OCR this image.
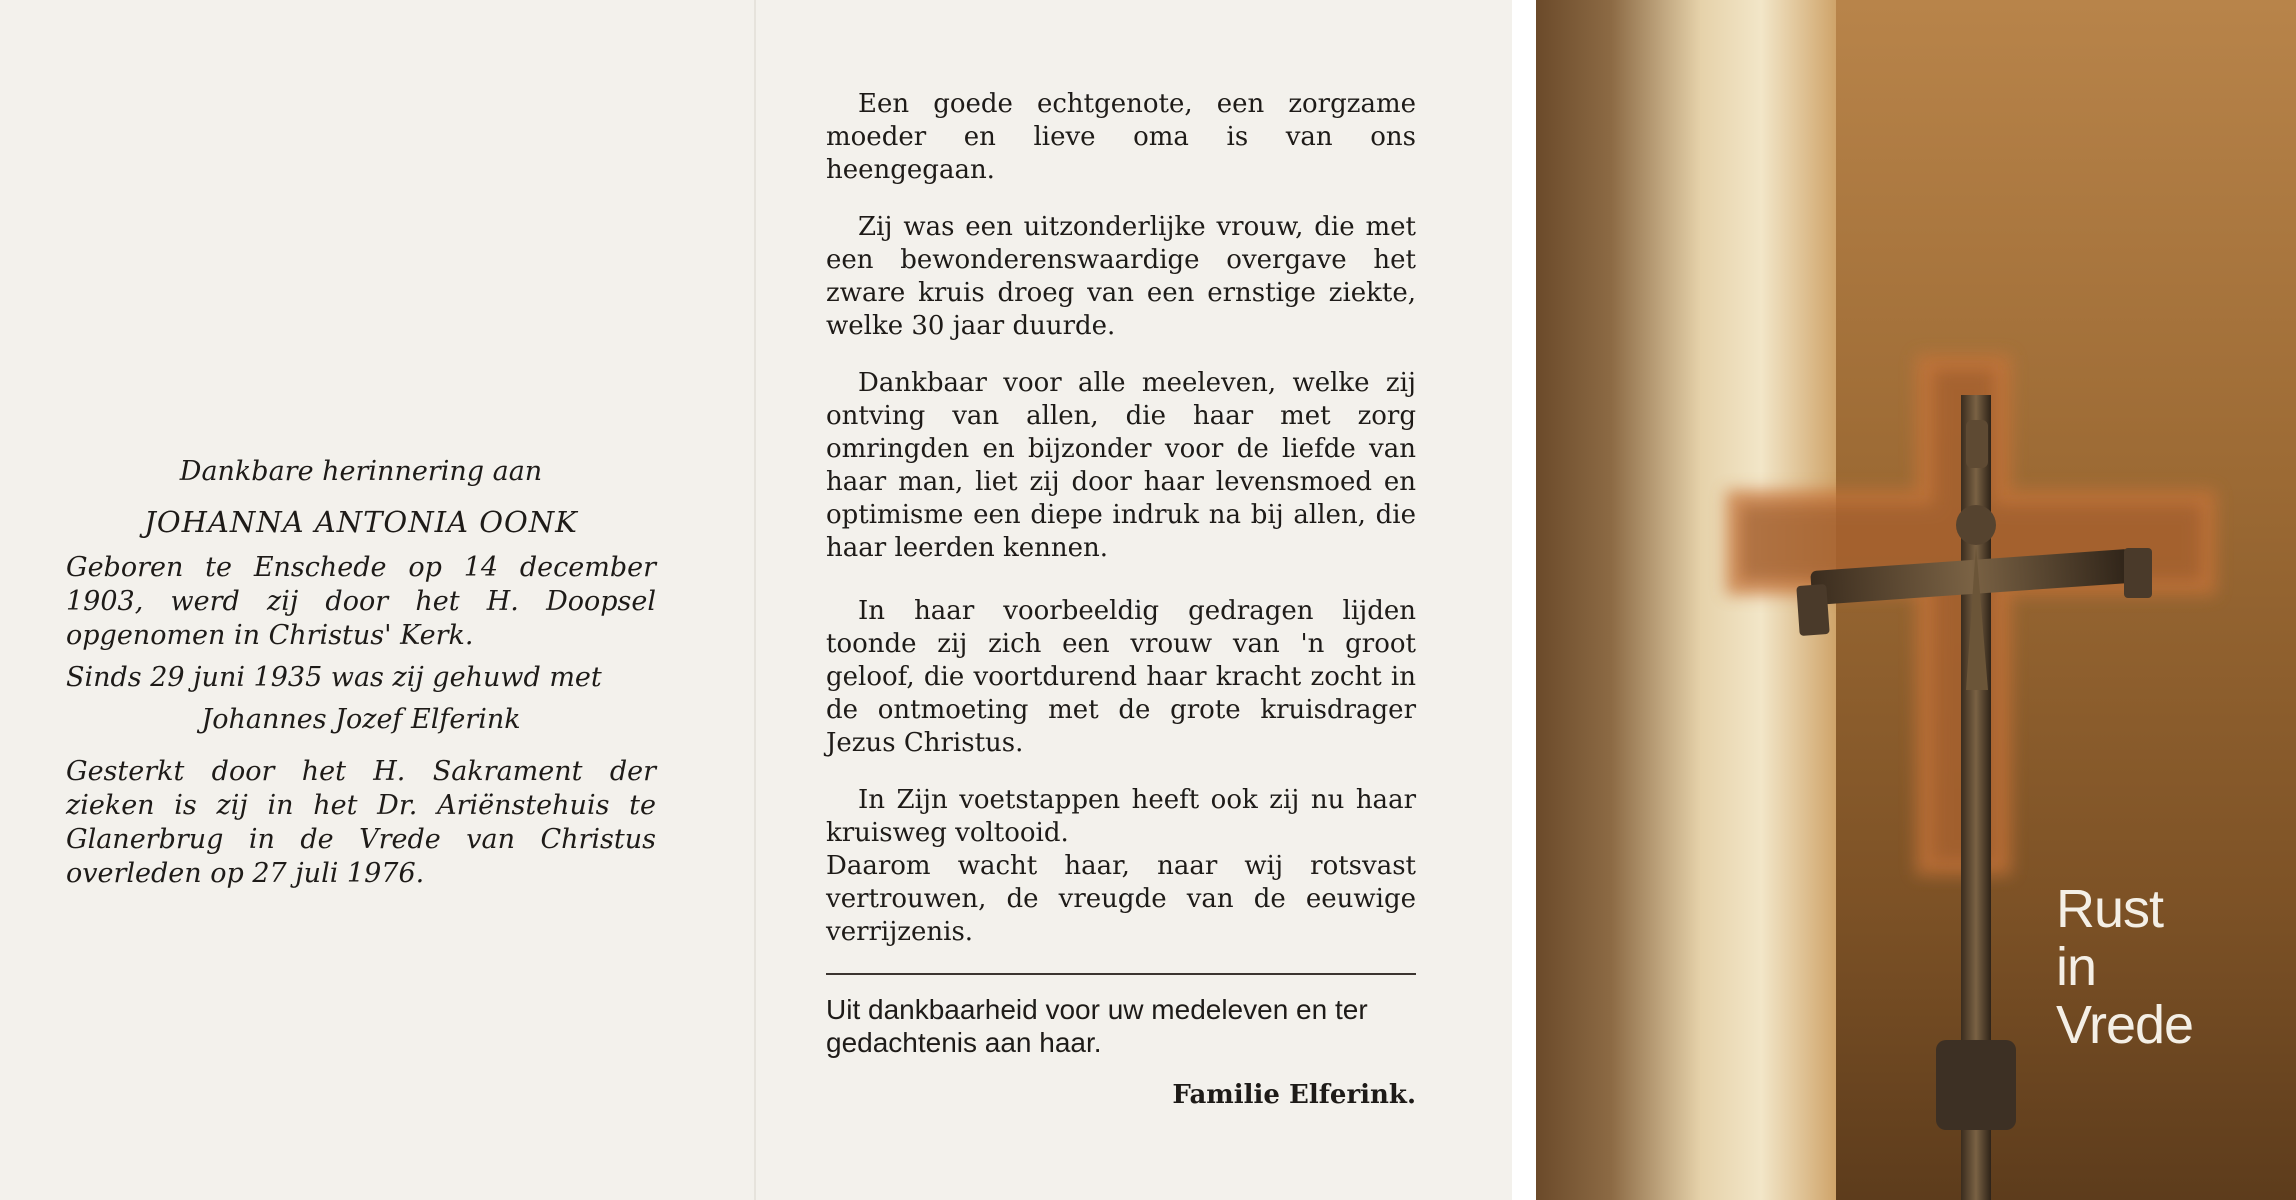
Dankbare herinnering aan

JOHANNA ANTONIA OONK

Geboren te Enschede op 14 december 1903, werd zij door het H. Doopsel opgenomen in Christus' Kerk.

Sinds 29 juni 1935 was zij gehuwd met

Johannes Jozef Elferink

Gesterkt door het H. Sakrament der zieken is zij in het Dr. Ariënstehuis te Glanerbrug in de Vrede van Christus overleden op 27 juli 1976.

Een goede echtgenote, een zorgzame moeder en lieve oma is van ons heengegaan.

Zij was een uitzonderlijke vrouw, die met een bewonderenswaardige overgave het zware kruis droeg van een ernstige ziekte, welke 30 jaar duurde.

Dankbaar voor alle meeleven, welke zij ontving van allen, die haar met zorg omringden en bijzonder voor de liefde van haar man, liet zij door haar levensmoed en optimisme een diepe indruk na bij allen, die haar leerden kennen.

In haar voorbeeldig gedragen lijden toonde zij zich een vrouw van 'n groot geloof, die voortdurend haar kracht zocht in de ontmoeting met de grote kruisdrager Jezus Christus.

In Zijn voetstappen heeft ook zij nu haar kruisweg voltooid.

Daarom wacht haar, naar wij rotsvast vertrouwen, de vreugde van de eeuwige verrijzenis.

Uit dankbaarheid voor uw medeleven en ter gedachtenis aan haar.

Familie Elferink.

Rust
in
Vrede
